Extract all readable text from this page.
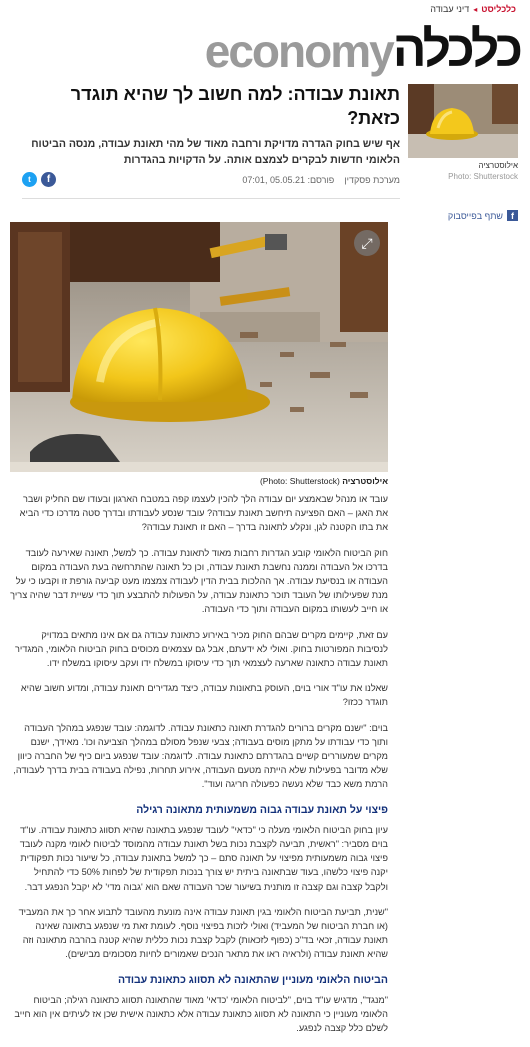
כלכליסט
◂
דיני עבודה
economy כלכלה
תאונת עבודה: למה חשוב לך שהיא תוגדר כזאת?

אף שיש בחוק הגדרה מדויקת ורחבה מאוד של מהי תאונת עבודה, מנסה הביטוח הלאומי חדשות לבקרים לצמצם אותה. על הדקויות בהגדרות

מערכת פסקדין
פורסם: 05.05.21 ,07:01
t	f
אילוסטרציה
Photo: Shutterstock
f
שתף בפייסבוק
⤢
אילוסטרציה (Photo: Shutterstock)

עובד או מנהל שבאמצע יום עבודה הלך להכין לעצמו קפה במטבח הארגון ובעודו שם החליק ושבר את האגן – האם הפציעה תיחשב תאונת עבודה? עובד שנסע לעבודתו ובדרך סטה מדרכו כדי הביא את בתו הקטנה לגן, ונקלע לתאונה בדרך – האם זו תאונת עבודה?

חוק הביטוח הלאומי קובע הגדרות רחבות מאוד לתאונת עבודה. כך למשל, תאונה שאירעה לעובד בדרכו אל העבודה וממנה נחשבת תאונת עבודה, וכן כל תאונה שהתרחשה בעת העבודה במקום העבודה או בנסיעת עבודה. אך ההלכות בבית הדין לעבודה צמצמו מעט קביעה גורפת זו וקבעו כי על מנת שפעילותו של העובד תוכר כתאונת עבודה, על הפעולות להתבצע תוך כדי עשיית דבר שהיה צריך או חייב לעשותו במקום העבודה ותוך כדי העבודה.

עם זאת, קיימים מקרים שבהם החוק מכיר באירוע כתאונת עבודה גם אם אינו מתאים במדויק לנסיבות המפורטות בחוק. ואולי לא ידעתם, אבל גם עצמאים מכוסים בחוק הביטוח הלאומי, המגדיר תאונת עבודה כתאונה שארעה לעצמאי תוך כדי עיסוקו במשלח ידו ועקב עיסוקו במשלח ידו.

שאלנו את עו"ד אורי בוים, העוסק בתאונות עבודה, כיצד מגדירים תאונת עבודה, ומדוע חשוב שהיא תוגדר ככזו?

בוים: "ישנם מקרים ברורים להגדרת תאונה כתאונת עבודה. לדוגמה: עובד שנפגע במהלך העבודה ותוך כדי עבודתו על מתקן מוסים בעבודה; צבעי שנפל מסולם במהלך הצביעה וכו'. מאידך, ישנם מקרים שמעוררים קשיים בהגדרתם כתאונת עבודה. לדוגמה: עובד שנפגע ביום כיף של החברה כיוון שלא מדובר בפעילות שלא הייתה מטעם העבודה, אירוע תחרות, נפילה בעבודה בבית בדרך לעבודה, הרמת משא כבד שלא נעשה כפעולה חריגה ועוד".

פיצוי על תאונת עבודה גבוה משמעותית מתאונה רגילה

עיון בחוק הביטוח הלאומי מעלה כי "כדאי" לעובד שנפגע בתאונה שהיא תסווג כתאונת עבודה. עו"ד בוים מסביר: "ראשית, תביעה לקצבת נכות בשל תאונת עבודה מהמוסד לביטוח לאומי מקנה לעובד פיצוי גבוה משמעותית מפיצוי על תאונה סתם – כך למשל בתאונת עבודה, כל שיעור נכות תפקודית יקנה פיצוי כלשהו, בעוד שבתאונה ביתית יש צורך בנכות תפקודית של לפחות 50% כדי להתחיל ולקבל קצבה וגם קצבה זו מותנית בשיעור שכר העבודה שאם הוא 'גבוה מדי' לא יקבל הנפגע דבר.

"שנית, תביעת הביטוח הלאומי בגין תאונת עבודה אינה מונעת מהעובד לתבוע אחר כך את המעביד (או חברת הביטוח של המעביד) ואולי לזכות בפיצוי נוסף. לעומת זאת מי שנפגע בתאונה שאינה תאונת עבודה, זכאי בד"כ (כפוף לזכאות) לקבל קצבת נכות כללית שהיא קטנה בהרבה מתאונה וזה שהיא תאונת עבודה (ולראיה ראו את מתאר הנכים שאמורים לחיות מסכומים מבישים).

הביטוח הלאומי מעוניין שהתאונה לא תסווג כתאונת עבודה

"מנגד", מדגיש עו"ד בוים, "לביטוח הלאומי 'כדאי' מאוד שהתאונה תסווג כתאונה רגילה; הביטוח הלאומי מעוניין כי התאונה לא תסווג כתאונת עבודה אלא כתאונה אישית שכן אז לעיתים אין הוא חייב לשלם כלל קצבה לנפגע.
